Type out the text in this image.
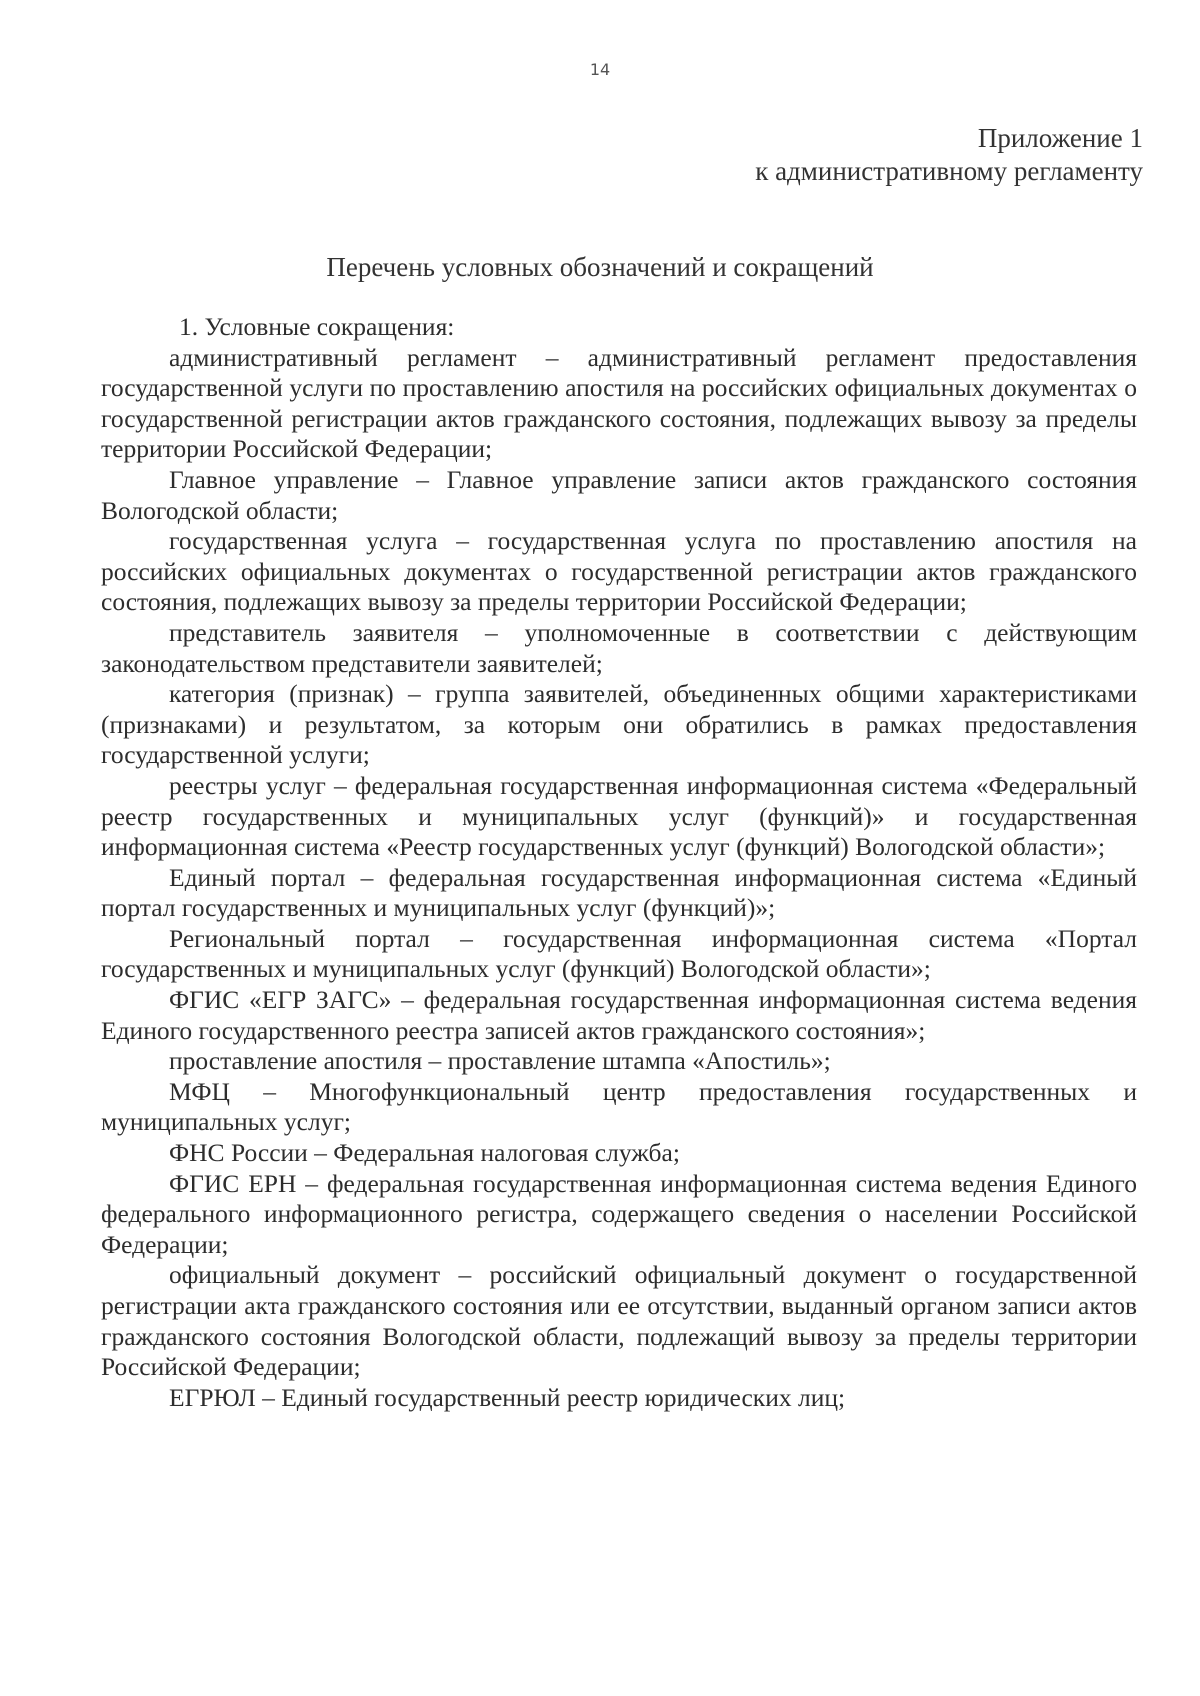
14
Приложение 1
к административному регламенту
Перечень условных обозначений и сокращений

1. Условные сокращения:

административный регламент – административный регламент предоставления государственной услуги по проставлению апостиля на российских официальных документах о государственной регистрации актов гражданского состояния, подлежащих вывозу за пределы территории Российской Федерации;

Главное управление – Главное управление записи актов гражданского состояния Вологодской области;

государственная услуга – государственная услуга по проставлению апостиля на российских официальных документах о государственной регистрации актов гражданского состояния, подлежащих вывозу за пределы территории Российской Федерации;

представитель заявителя – уполномоченные в соответствии с действующим законодательством представители заявителей;

категория (признак) – группа заявителей, объединенных общими характеристиками (признаками) и результатом, за которым они обратились в рамках предоставления государственной услуги;

реестры услуг – федеральная государственная информационная система «Федеральный реестр государственных и муниципальных услуг (функций)» и государственная информационная система «Реестр государственных услуг (функций) Вологодской области»;

Единый портал – федеральная государственная информационная система «Единый портал государственных и муниципальных услуг (функций)»;

Региональный портал – государственная информационная система «Портал государственных и муниципальных услуг (функций) Вологодской области»;

ФГИС «ЕГР ЗАГС» – федеральная государственная информационная система ведения Единого государственного реестра записей актов гражданского состояния»;

проставление апостиля – проставление штампа «Апостиль»;

МФЦ – Многофункциональный центр предоставления государственных и муниципальных услуг;

ФНС России – Федеральная налоговая служба;

ФГИС ЕРН – федеральная государственная информационная система ведения Единого федерального информационного регистра, содержащего сведения о населении Российской Федерации;

официальный документ – российский официальный документ о государственной регистрации акта гражданского состояния или ее отсутствии, выданный органом записи актов гражданского состояния Вологодской области, подлежащий вывозу за пределы территории Российской Федерации;

ЕГРЮЛ – Единый государственный реестр юридических лиц;
